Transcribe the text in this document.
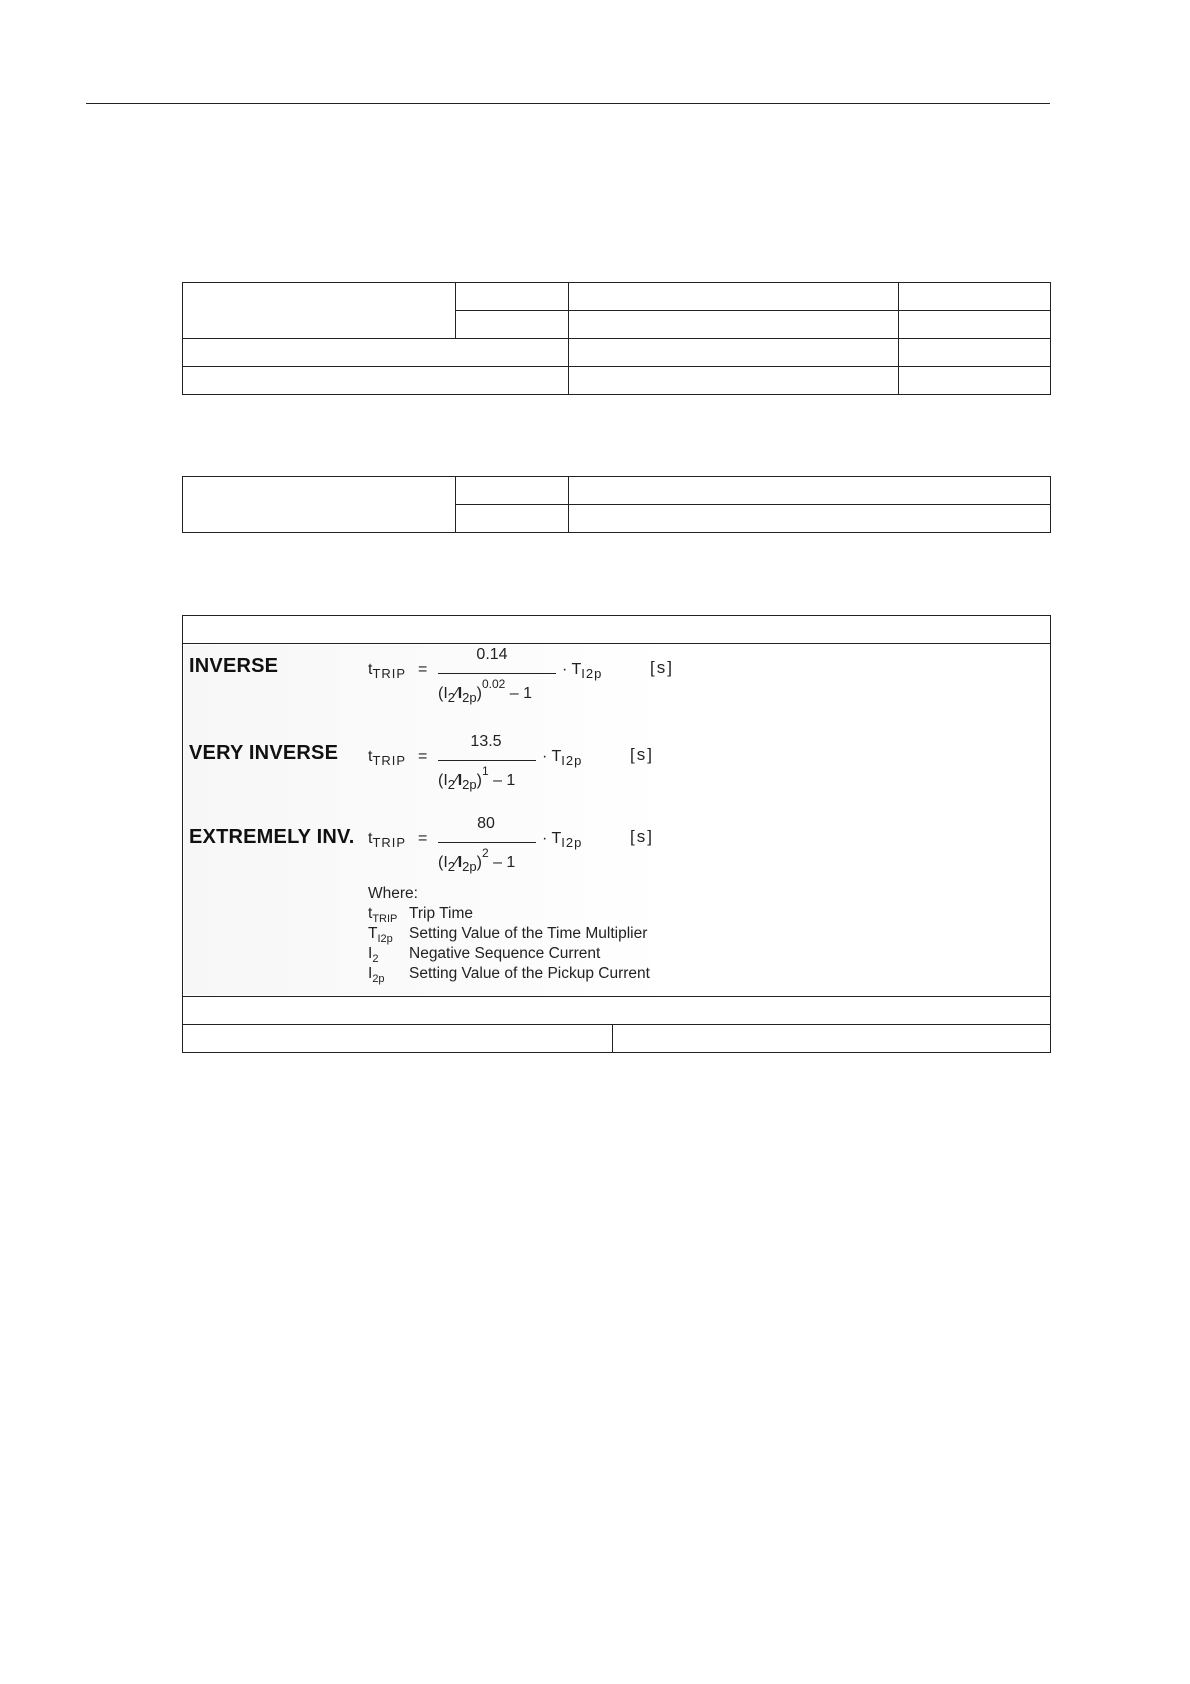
INVERSE	$t_{TRIP}$ =
0.14
$(I_2∕I_{2p})^{0.02} - 1$
· $T_{I2p}$	[s]
VERY INVERSE $t_{TRIP}$ =
13.5
$(I_2∕I_{2p})^1 - 1$
· $T_{I2p}$	[s]
EXTREMELY INV. $t_{TRIP}$ =
80
$(I_2∕I_{2p})^2 - 1$
· $T_{I2p}$	[s]
Where:
$t_{TRIP}$ Trip Time
$T_{I2p}$ Setting Value of the Time Multiplier
$I_2$ Negative Sequence Current
$I_{2p}$ Setting Value of the Pickup Current
